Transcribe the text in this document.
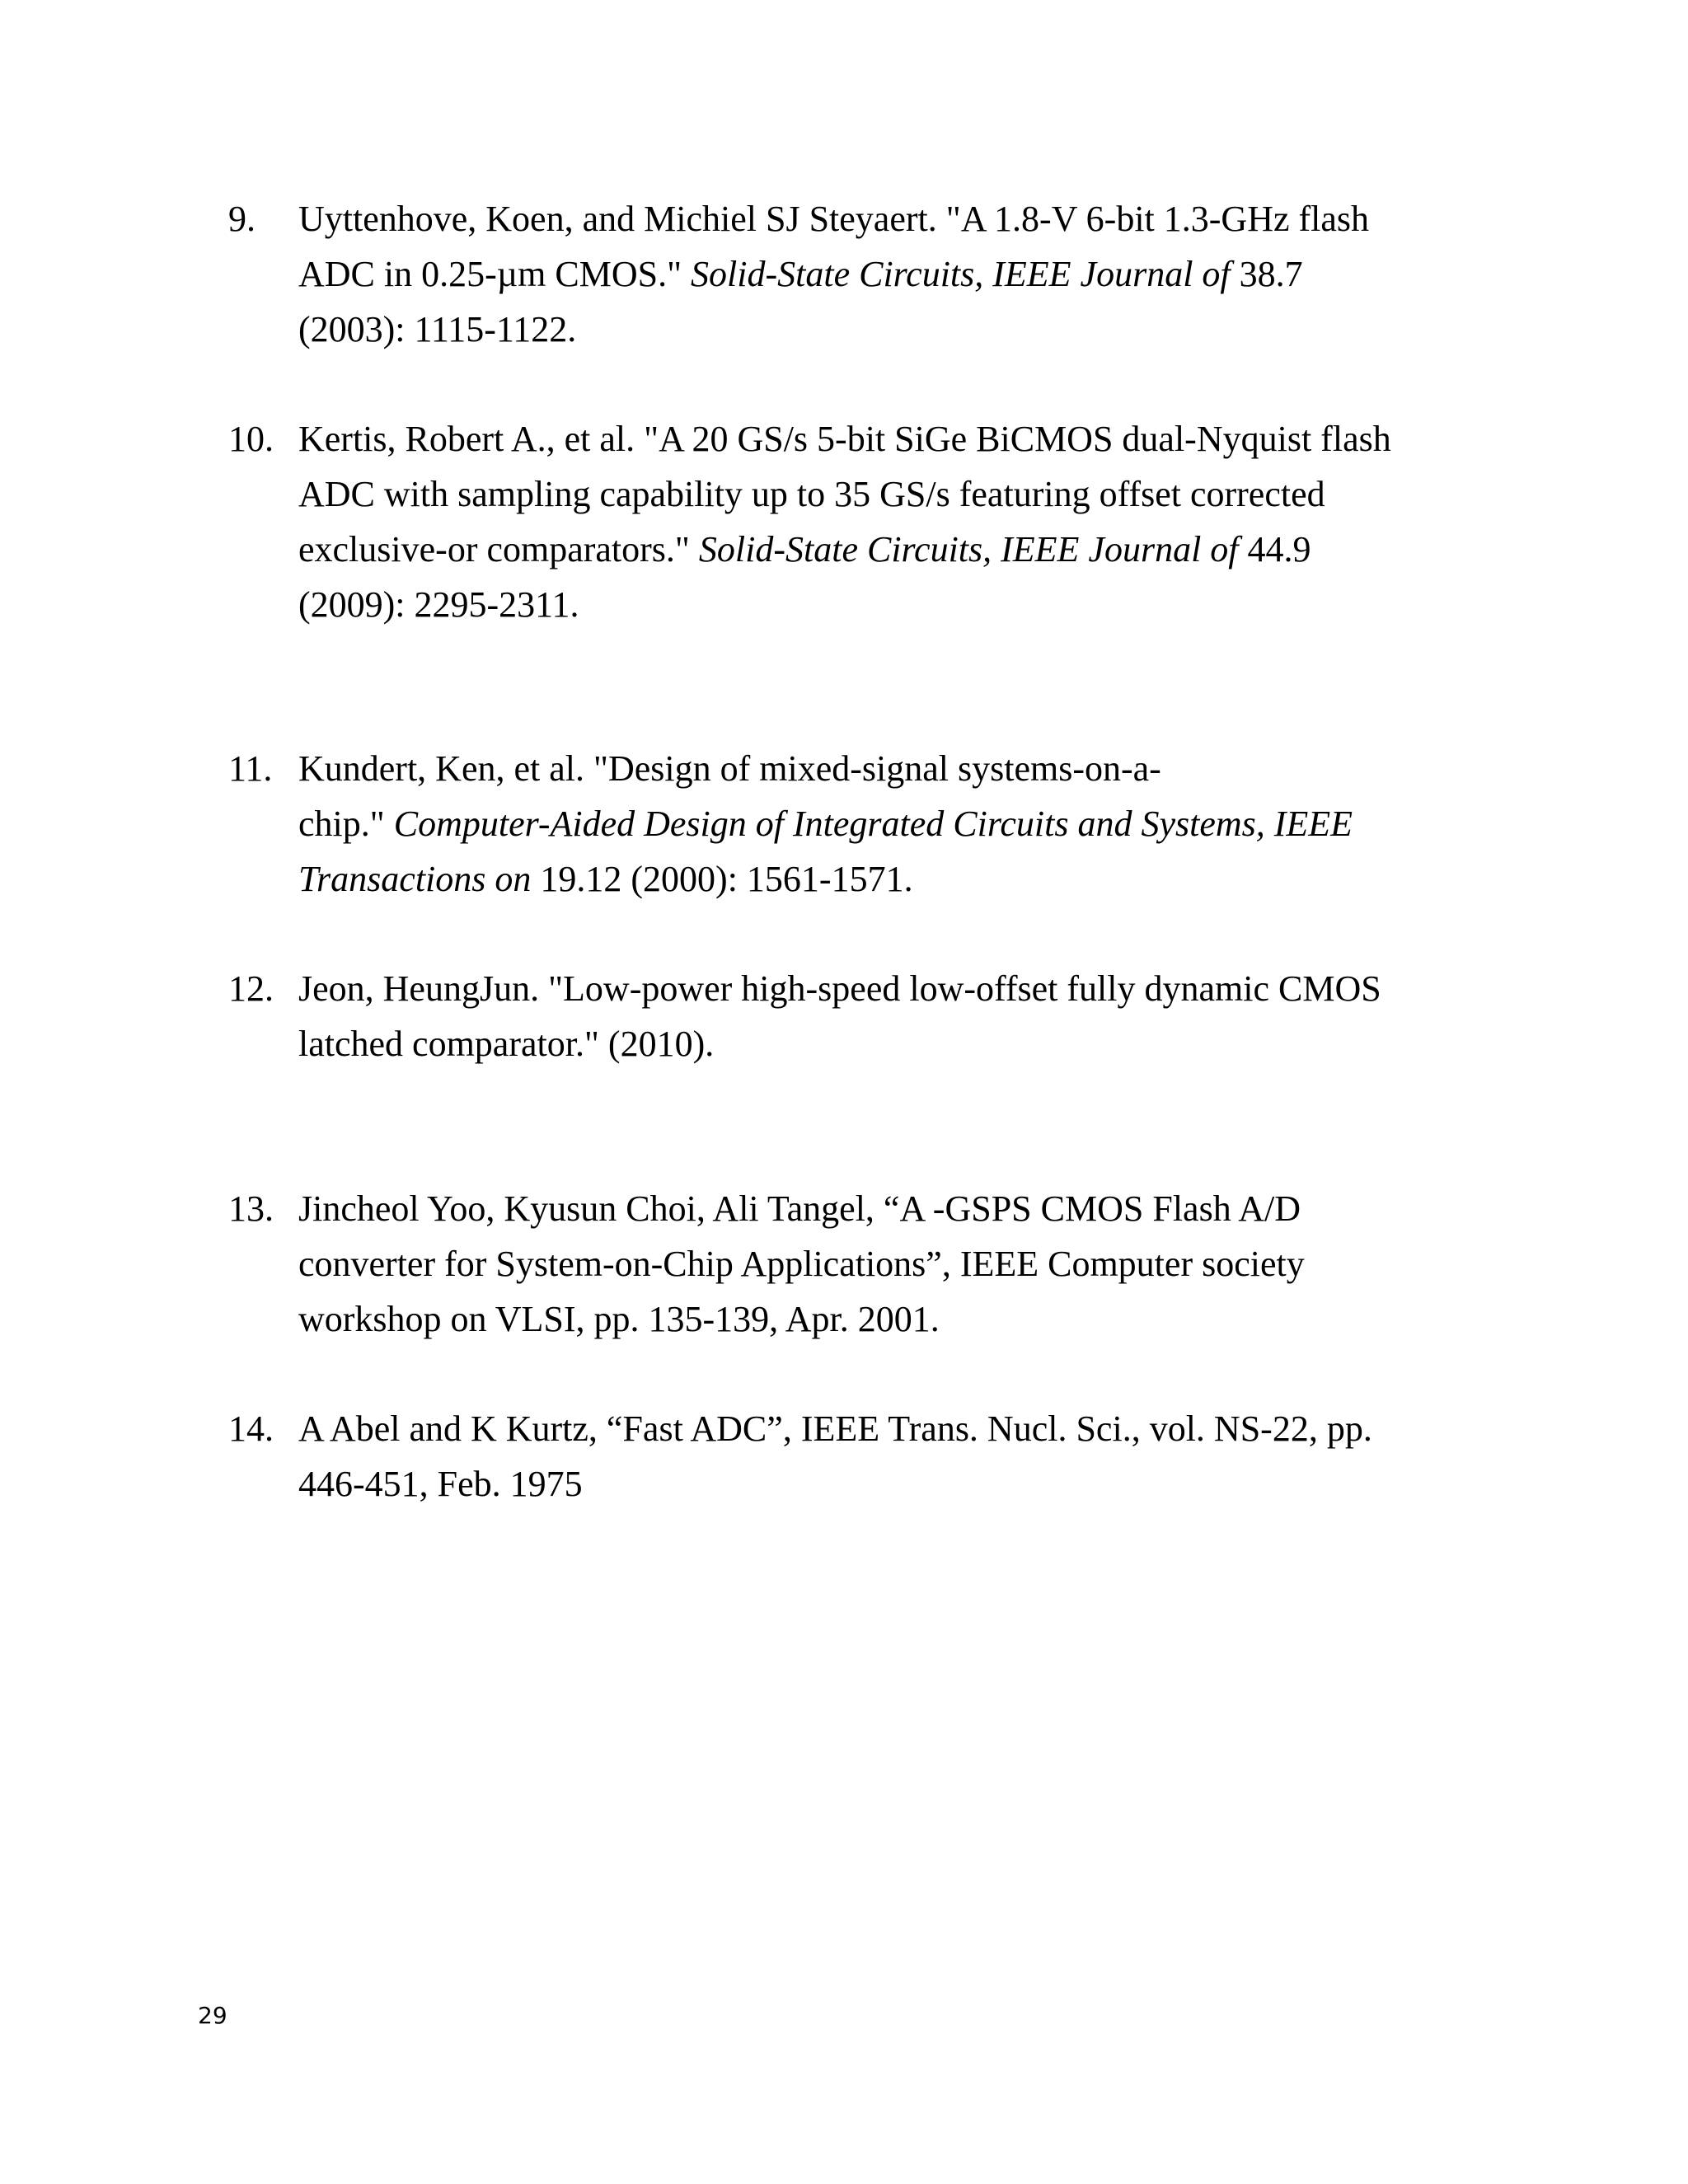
9.	Uyttenhove, Koen, and Michiel SJ Steyaert. "A 1.8-V 6-bit 1.3-GHz flash
ADC in 0.25-µm CMOS." Solid-State Circuits, IEEE Journal of 38.7
(2003): 1115-1122.
10. Kertis, Robert A., et al. "A 20 GS/s 5-bit SiGe BiCMOS dual-Nyquist flash
ADC with sampling capability up to 35 GS/s featuring offset corrected
exclusive-or comparators." Solid-State Circuits, IEEE Journal of 44.9
(2009): 2295-2311.
11. Kundert, Ken, et al. "Design of mixed-signal systems-on-a-
chip." Computer-Aided Design of Integrated Circuits and Systems, IEEE
Transactions on 19.12 (2000): 1561-1571.
12. Jeon, HeungJun. "Low-power high-speed low-offset fully dynamic CMOS
latched comparator." (2010).
13. Jincheol Yoo, Kyusun Choi, Ali Tangel, “A -GSPS CMOS Flash A/D
converter for System-on-Chip Applications”, IEEE Computer society
workshop on VLSI, pp. 135-139, Apr. 2001.
14. A Abel and K Kurtz, “Fast ADC”, IEEE Trans. Nucl. Sci., vol. NS-22, pp.
446-451, Feb. 1975
29
